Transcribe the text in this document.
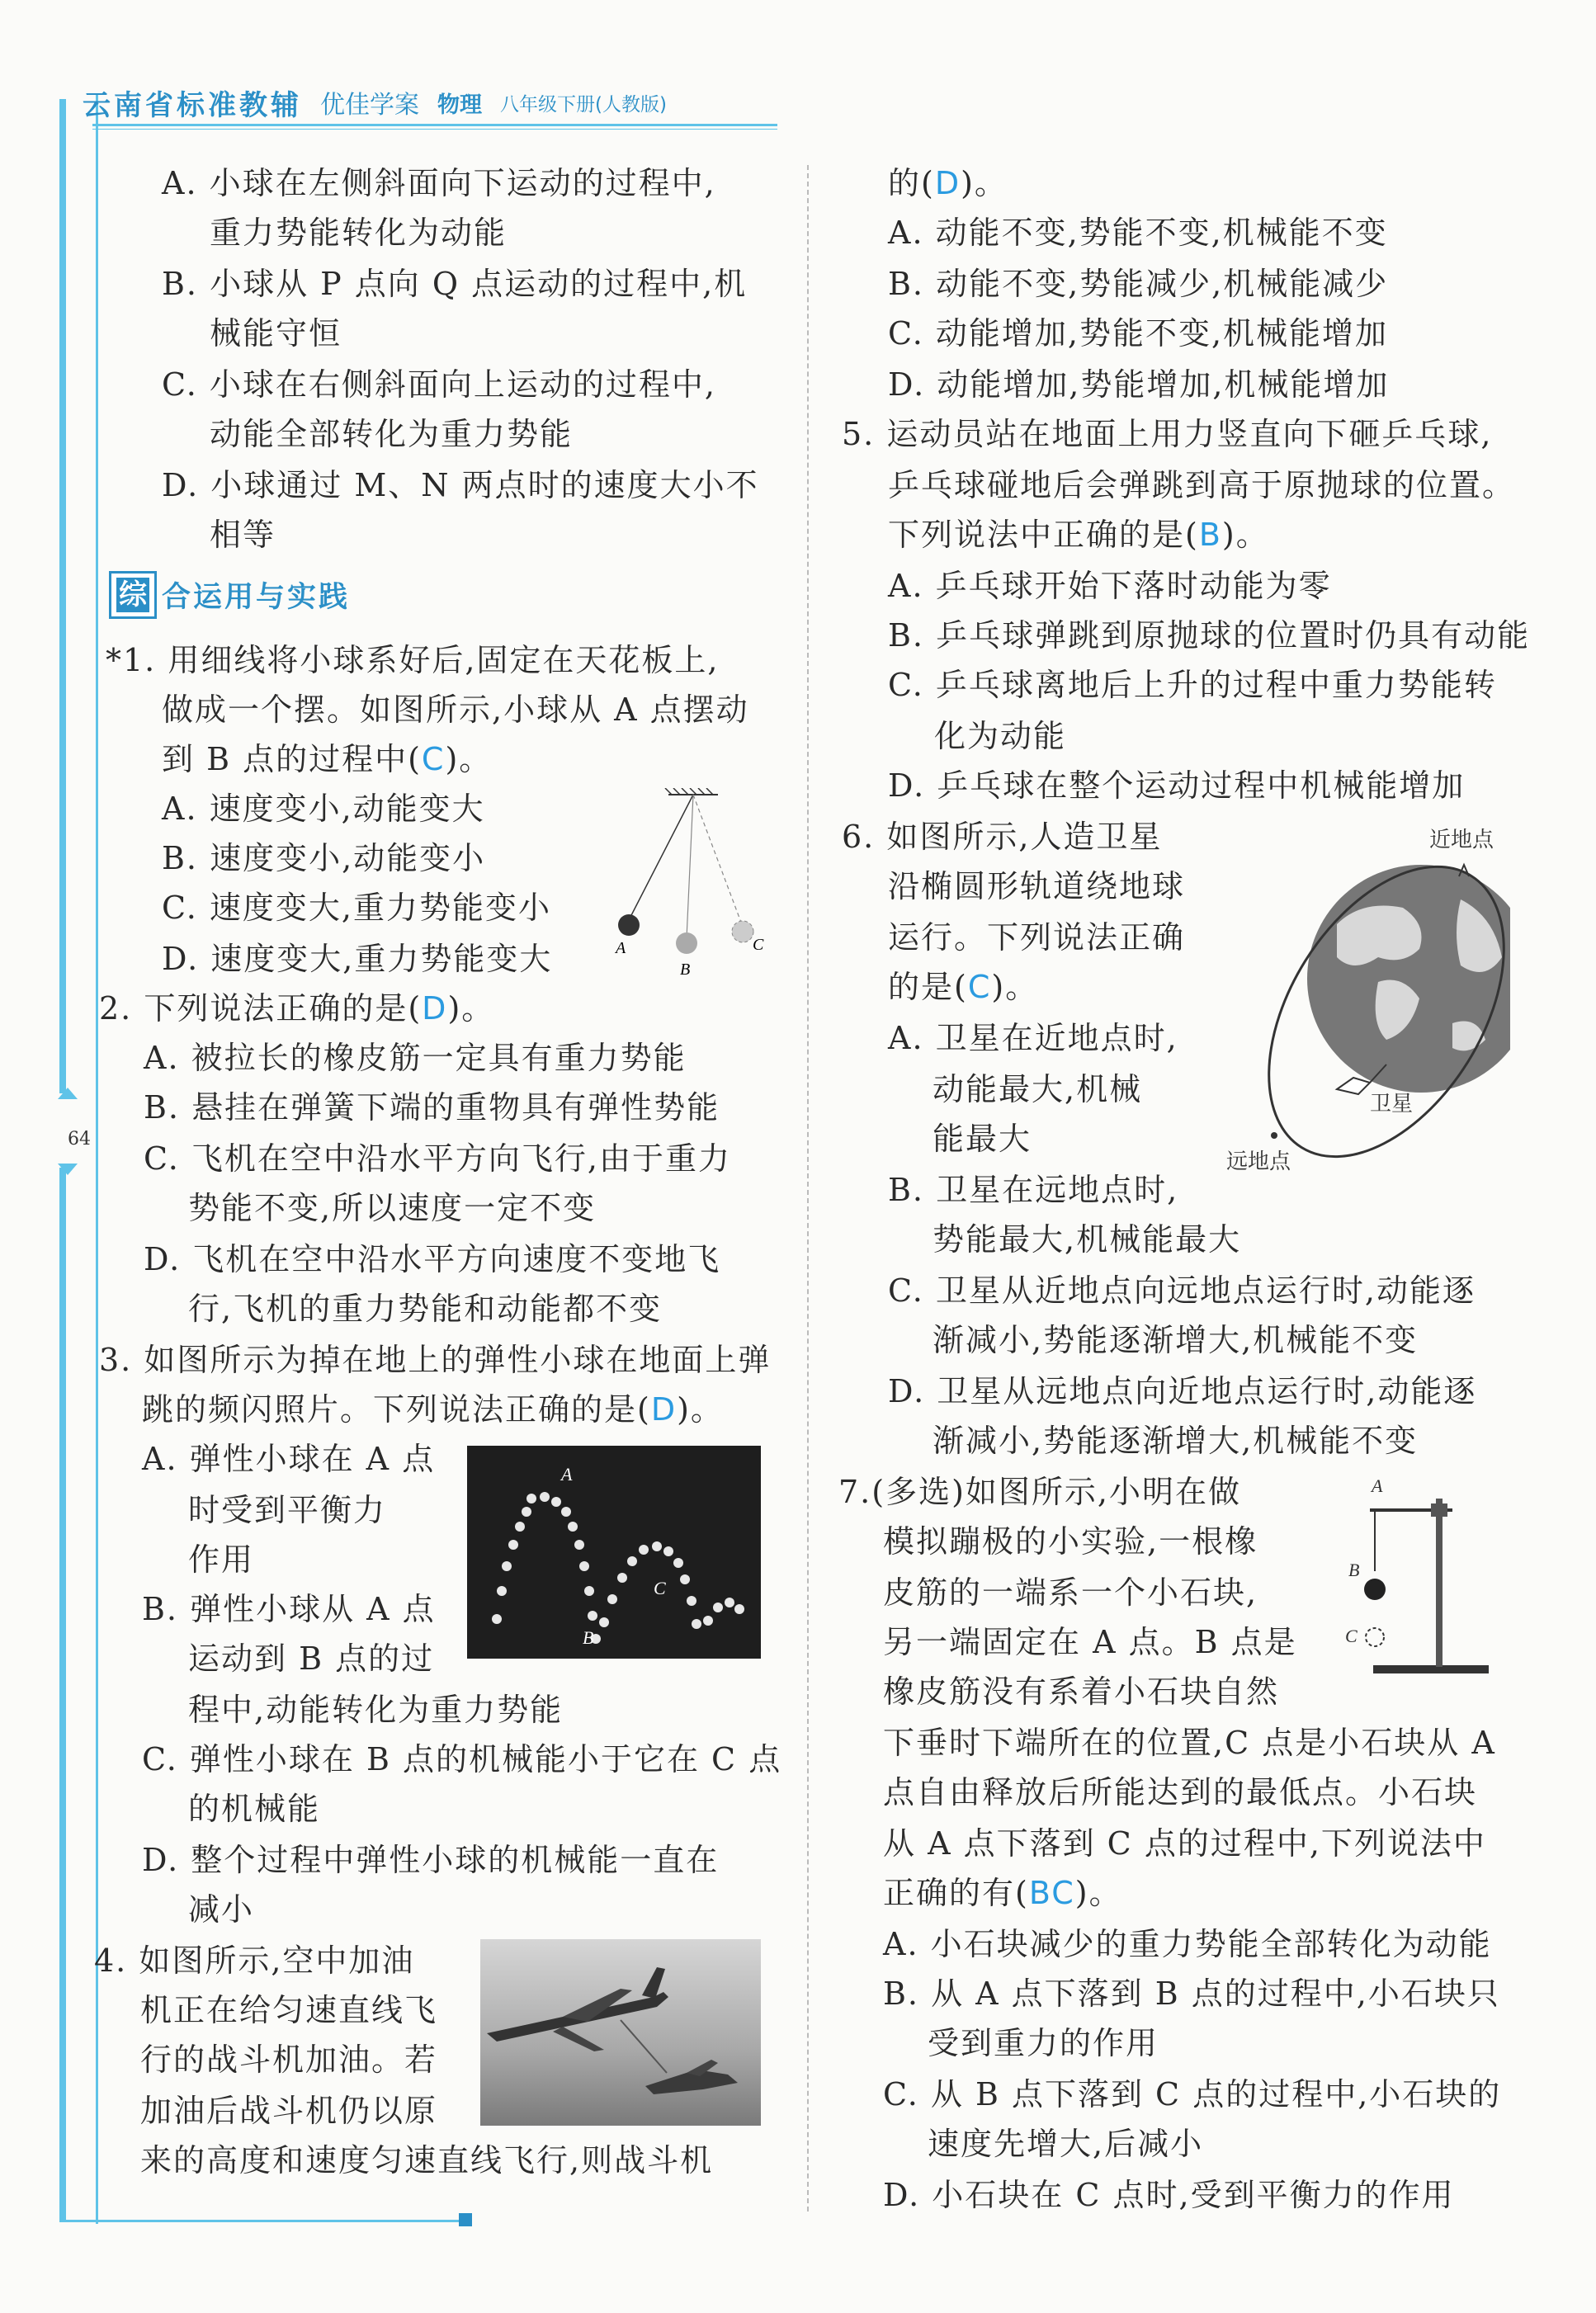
64
云南省标准教辅 优佳学案 物理 八年级下册(人教版)
A. 小球在左侧斜面向下运动的过程中,
重力势能转化为动能
B. 小球从 P 点向 Q 点运动的过程中,机
械能守恒
C. 小球在右侧斜面向上运动的过程中,
动能全部转化为重力势能
D. 小球通过 M、N 两点时的速度大小不
相等
综 合运用与实践
*1. 用细线将小球系好后,固定在天花板上,
做成一个摆。如图所示,小球从 A 点摆动
到 B 点的过程中(C)。
A. 速度变小,动能变大
B. 速度变小,动能变小
C. 速度变大,重力势能变小
D. 速度变大,重力势能变大	A
B
C
2. 下列说法正确的是(D)。
A. 被拉长的橡皮筋一定具有重力势能
B. 悬挂在弹簧下端的重物具有弹性势能
C. 飞机在空中沿水平方向飞行,由于重力
势能不变,所以速度一定不变
D. 飞机在空中沿水平方向速度不变地飞
行,飞机的重力势能和动能都不变
3. 如图所示为掉在地上的弹性小球在地面上弹
跳的频闪照片。下列说法正确的是(D)。
A. 弹性小球在 A 点
时受到平衡力
作用
B. 弹性小球从 A 点
运动到 B 点的过
程中,动能转化为重力势能
C. 弹性小球在 B 点的机械能小于它在 C 点
的机械能
D. 整个过程中弹性小球的机械能一直在
减小
A
B
C
4. 如图所示,空中加油
机正在给匀速直线飞
行的战斗机加油。若
加油后战斗机仍以原
来的高度和速度匀速直线飞行,则战斗机
的(D)。
A. 动能不变,势能不变,机械能不变
B. 动能不变,势能减少,机械能减少
C. 动能增加,势能不变,机械能增加
D. 动能增加,势能增加,机械能增加
5. 运动员站在地面上用力竖直向下砸乒乓球,
乒乓球碰地后会弹跳到高于原抛球的位置。
下列说法中正确的是(B)。
A. 乒乓球开始下落时动能为零
B. 乒乓球弹跳到原抛球的位置时仍具有动能
C. 乒乓球离地后上升的过程中重力势能转
化为动能
D. 乒乓球在整个运动过程中机械能增加
6. 如图所示,人造卫星
沿椭圆形轨道绕地球
运行。下列说法正确
的是(C)。
A. 卫星在近地点时,
动能最大,机械
能最大
B. 卫星在远地点时,
势能最大,机械能最大
C. 卫星从近地点向远地点运行时,动能逐
渐减小,势能逐渐增大,机械能不变
D. 卫星从远地点向近地点运行时,动能逐
渐减小,势能逐渐增大,机械能不变
近地点
卫星
远地点
7.(多选)如图所示,小明在做
模拟蹦极的小实验,一根橡
皮筋的一端系一个小石块,
另一端固定在 A 点。B 点是
橡皮筋没有系着小石块自然
下垂时下端所在的位置,C 点是小石块从 A
点自由释放后所能达到的最低点。小石块
从 A 点下落到 C 点的过程中,下列说法中
正确的有(BC)。
A. 小石块减少的重力势能全部转化为动能
B. 从 A 点下落到 B 点的过程中,小石块只
受到重力的作用
C. 从 B 点下落到 C 点的过程中,小石块的
速度先增大,后减小
D. 小石块在 C 点时,受到平衡力的作用
A
B
C
